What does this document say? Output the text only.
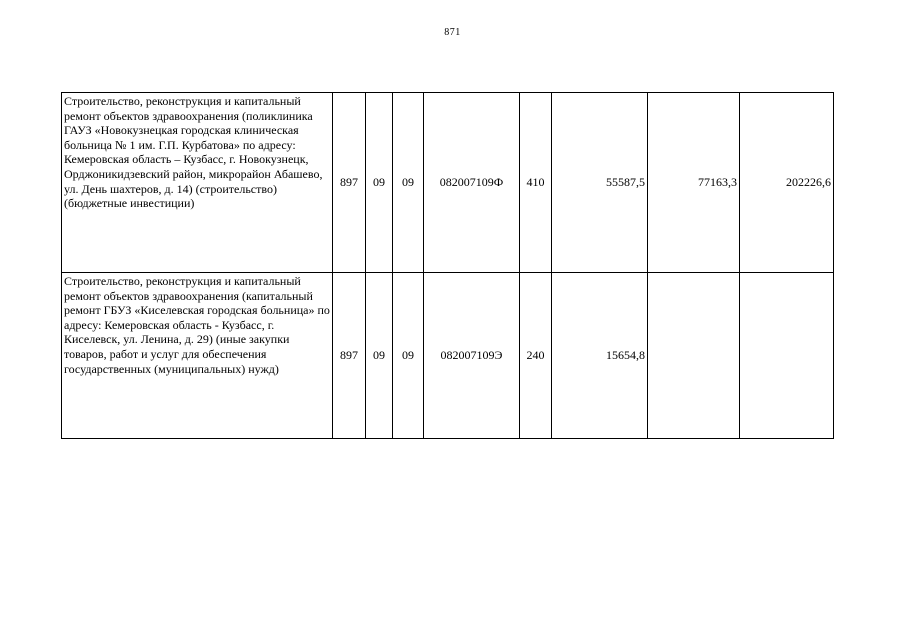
871
Строительство, реконструкция и капитальный ремонт объектов здравоохранения (поликлиника ГАУЗ «Новокузнецкая городская клиническая больница № 1 им. Г.П. Курбатова» по адресу: Кемеровская область – Кузбасс, г. Новокузнецк, Орджоникидзевский район, микрорайон Абашево, ул. День шахтеров, д. 14) (строительство) (бюджетные инвестиции)	897	09	09	082007109Ф	410	55587,5	77163,3	202226,6
Строительство, реконструкция и капитальный ремонт объектов здравоохранения (капитальный ремонт ГБУЗ «Киселевская городская больница» по адресу: Кемеровская область - Кузбасс, г. Киселевск, ул. Ленина, д. 29) (иные закупки товаров, работ и услуг для обеспечения государственных (муниципальных) нужд)	897	09	09	082007109Э	240	15654,8		
